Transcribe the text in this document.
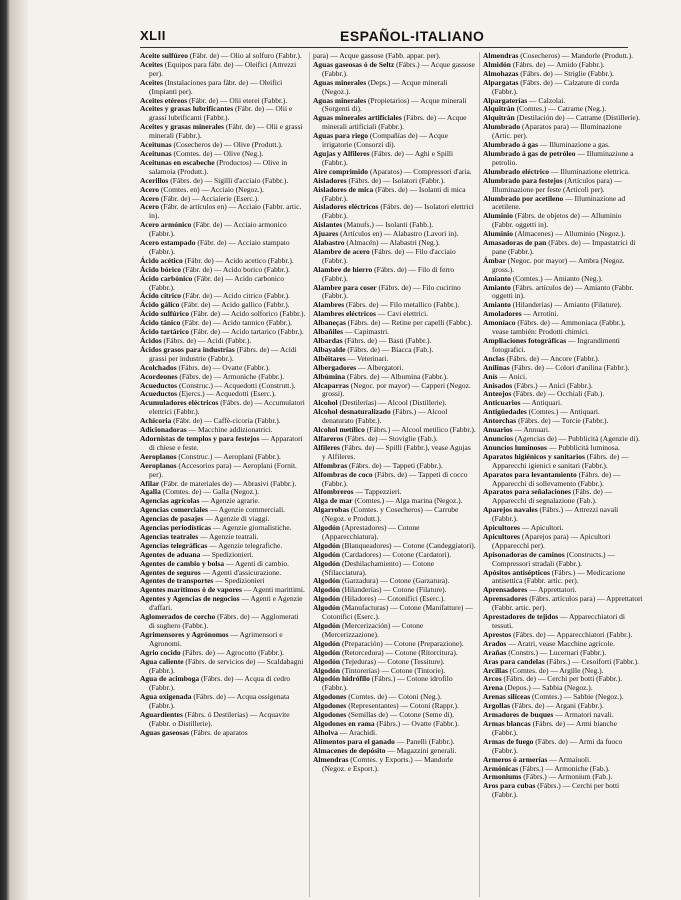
XLII	ESPAÑOL-ITALIANO

Aceite sulfúreo (Fábr. de) — Olio al solfuro (Fabbr.).

Aceites (Equipos para fábr. de) — Oleifici (Attrezzi per).

Aceites (Instalaciones para fábr. de) — Oleifici (Impianti per).

Aceites etéreos (Fábr. de) — Olii eterei (Fabbr.).

Aceites y grasas lubrificantes (Fábr. de) — Olii e grassi lubrificanti (Fabbr.).

Aceites y grasas minerales (Fábr. de) — Olii e grassi minerali (Fabbr.).

Aceitunas (Cosecheros de) — Olive (Produtt.).

Aceitunas (Comtes. de) — Olive (Neg.).

Aceitunas en escabeche (Productos) — Olive in salamoia (Produtt.).

Acerillos (Fábrs. de) — Sigilli d'acciaio (Fabbr.).

Acero (Comtes. en) — Acciaio (Negoz.).

Acero (Fábr. de) — Acciaierie (Eserc.).

Acero (Fábr. de artículos en) — Acciaio (Fabbr. artic. in).

Acero armónico (Fábr. de) — Acciaio armonico (Fabbr.).

Acero estampado (Fábr. de) — Acciaio stampato (Fabbr.).

Ácido acético (Fábr. de) — Acido acetico (Fabbr.).

Ácido bórico (Fábr. de) — Acido borico (Fabbr.).

Ácido carbónico (Fábr. de) — Acido carbonico (Fabbr.).

Ácido cítrico (Fábr. de) — Acido citrico (Fabbr.).

Ácido gálico (Fábr. de) — Acido gallico (Fabbr.).

Ácido sulfúrico (Fábr. de) — Acido solforico (Fabbr.).

Ácido tánico (Fábr. de) — Acido tannico (Fabbr.).

Ácido tartárico (Fábr. de) — Acido tartarico (Fabbr.).

Ácidos (Fábrs. de) — Acidi (Fabbr.).

Ácidos grasos para industrias (Fábrs. de) — Acidi grassi per industrie (Fabbr.).

Acolchados (Fábrs. de) — Ovatte (Fabbr.).

Acordeones (Fábrs. de) — Armoniche (Fabbr.).

Acueductos (Construc.) — Acquedotti (Construtt.).

Acueductos (Ejercs.) — Acquedotti (Eserc.).

Acumuladores eléctricos (Fábrs. de) — Accumulatori elettrici (Fabbr.).

Achicoria (Fábr. de) — Caffè-cicoria (Fabbr.).

Adicionadoras — Macchine addizionatrici.

Adornistas de templos y para festejos — Apparatori di chiese e feste.

Aeroplanos (Construc.) — Aeroplani (Fabbr.).

Aeroplanos (Accesorios para) — Aeroplani (Fornit. per).

Afilar (Fábr. de materiales de) — Abrasivi (Fabbr.).

Agalla (Comtes. de) — Galla (Negoz.).

Agencias agrícolas — Agenzie agrarie.

Agencias comerciales — Agenzie commerciali.

Agencias de pasajes — Agenzie di viaggi.

Agencias periodísticas — Agenzie giornalistiche.

Agencias teatrales — Agenzie teatrali.

Agencias telegráficas — Agenzie telegrafiche.

Agentes de aduana — Spedizionieri.

Agentes de cambio y bolsa — Agenti di cambio.

Agentes de seguros — Agenti d'assicurazione.

Agentes de transportes — Spedizionieri

Agentes marítimos ó de vapores — Agenti marittimi.

Agentes y Agencias de negocios — Agenti e Agenzie d'affari.

Aglomerados de corcho (Fábrs. de) — Agglomerati di sughero (Fabbr.).

Agrimensores y Agrónomos — Agrimensori e Agronomi.

Agrio cocido (Fábrs. de) — Agrocotto (Fabbr.).

Agua caliente (Fábrs. de servicios de) — Scaldabagni (Fabbr.).

Agua de acimboga (Fábrs. de) — Acqua di cedro (Fabbr.).

Agua oxigenada (Fábrs. de) — Acqua ossigenata (Fabbr.).

Aguardientes (Fábrs. ó Destilerías) — Acquavite (Fabbr. o Distillerie).

Aguas gaseosas (Fábrs. de aparatos

para) — Acque gassose (Fabb. appar. per).

Aguas gaseosas ó de Seltz (Fábrs.) — Acque gassose (Fabbr.).

Aguas minerales (Deps.) — Acque minerali (Negoz.).

Aguas minerales (Propietarios) — Acque minerali (Sorgenti di).

Aguas minerales artificiales (Fábrs. de) — Acque minerali artificiali (Fabbr.).

Aguas para riego (Compañías de) — Acque irrigatorie (Consorzi di).

Agujas y Alfileres (Fábrs. de) — Aghi e Spilli (Fabbr.).

Aire comprimido (Aparatos) — Compressori d'aria.

Aisladores (Fábrs. de) — Isolatori (Fabbr.).

Aisladores de mica (Fábrs. de) — Isolanti di mica (Fabbr.).

Aisladores eléctricos (Fábrs. de) — Isolatori elettrici (Fabbr.).

Aislantes (Manufs.) — Isolanti (Fabb.).

Ajuares (Artículos en) — Alabastro (Lavori in).

Alabastro (Almacén) — Alabastri (Neg.).

Alambre de acero (Fábrs. de) — Filo d'acciaio (Fabbr.).

Alambre de hierro (Fábrs. de) — Filo di ferro (Fabbr.).

Alambre para coser (Fábrs. de) — Filo cucirino (Fabbr.).

Alambres (Fábrs. de) — Filo metallico (Fabbr.).

Alambres eléctricos — Cavi elettrici.

Albaneças (Fábrs. de) — Retine per capelli (Fabbr.).

Albañiles — Capimastri.

Albardas (Fábrs. de) — Basti (Fabbr.).

Albayalde (Fábrs. de) — Biacca (Fab.).

Albéitares — Veterinari.

Albergadores — Albergatori.

Albúmina (Fábrs. de) — Albumina (Fabbr.).

Alcaparras (Negoc. por mayor) — Capperi (Negoz. grossi).

Alcohol (Destilerías) — Alcool (Distillerie).

Alcohol desnaturalizado (Fábrs.) — Alcool denaturato (Fabbr.).

Alcohol metílico (Fábrs.) — Alcool metilico (Fabbr.).

Alfareros (Fábrs. de) — Stoviglie (Fab.).

Alfileres (Fábrs. de) — Spilli (Fabbr.), vease Agujas y Alfileres.

Alfombras (Fábrs. de) — Tappeti (Fabbr.).

Alfombras de coco (Fábrs. de) — Tappeti di cocco (Fabbr.).

Alfombreros — Tappezzieri.

Alga de mar (Comtes.) — Alga marina (Negoz.).

Algarrobas (Comtes. y Cosecheros) — Carrube (Negoz. e Produtt.).

Algodón (Aprestadores) — Cotone (Apparecchiatura).

Algodón (Blanqueadores) — Cotone (Candeggiatori).

Algodón (Cardadores) — Cotone (Cardatori).

Algodón (Deshilachamiento) — Cotone (Sfilacciatura).

Algodón (Garzadura) — Cotone (Garzatura).

Algodón (Hilanderías) — Cotone (Filature).

Algodón (Hiladores) — Cotonifici (Eserc.).

Algodón (Manufacturas) — Cotone (Manifatture) — Cotonifici (Eserc.).

Algodón (Mercerización) — Cotone (Mercerizzazione).

Algodón (Preparación) — Cotone (Preparazione).

Algodón (Retorcedura) — Cotone (Ritorcitura).

Algodón (Tejeduras) — Cotone (Tessiture).

Algodón (Tintorerías) — Cotone (Tintorie).

Algodón hidrófilo (Fábrs.) — Cotone idrofilo (Fabbr.).

Algodones (Comtes. de) — Cotoni (Neg.).

Algodones (Representantes) — Cotoni (Rappr.).

Algodones (Semillas de) — Cotone (Seme di).

Algodones en rama (Fábrs.) — Ovatte (Fabbr.).

Alholva — Arachidi.

Alimentos para el ganado — Panelli (Fabbr.).

Almacenes de depósito — Magazzini generali.

Almendras (Comtes. y Exports.) — Mandorle (Negoz. e Esport.).

Almendras (Cosecheros) — Mandorle (Produtt.).

Almidón (Fábrs. de) — Amido (Fabbr.).

Almohazas (Fábrs. de) — Striglie (Fabbr.).

Alpargatas (Fábrs. de) — Calzature di corda (Fabbr.).

Alpargaterías — Calzolai.

Alquitrán (Comtes.) — Catrame (Neg.).

Alquitrán (Destilación de) — Catrame (Distillerie).

Alumbrado (Aparatos para) — Illuminazione (Artic. per).

Alumbrado á gas — Illuminazione a gas.

Alumbrado á gas de petróleo — Illuminazione a petrolio.

Alumbrado eléctrico — Illuminazione elettrica.

Alumbrado para festejos (Artículos para) — Illuminazione per feste (Articoli per).

Alumbrado por acetileno — Illuminazione ad acetilene.

Aluminio (Fábrs. de objetos de) — Alluminio (Fabbr. oggetti in).

Aluminio (Almacenes) — Alluminio (Negoz.).

Amasadoras de pan (Fábrs. de) — Impastatrici di pane (Fabbr.).

Ámbar (Negoc. por mayor) — Ambra (Negoz. gross.).

Amianto (Comtes.) — Amianto (Neg.).

Amianto (Fábrs. artículos de) — Amianto (Fabbr. oggetti in).

Amianto (Hilanderías) — Amianto (Filature).

Amoladores — Arrotini.

Amoníaco (Fábrs. de) — Ammoniaca (Fabbr.), vease también: Prodotti chimici.

Ampliaciones fotográficas — Ingrandimenti fotografici.

Anclas (Fábrs. de) — Ancore (Fabbr.).

Anilinas (Fábrs. de) — Colori d'anilina (Fabbr.).

Anís — Anici.

Anisados (Fábrs.) — Anici (Fabbr.).

Anteojos (Fábrs. de) — Occhiali (Fab.).

Anticuarios — Antiquari.

Antigüedades (Comtes.) — Antiquari.

Antorchas (Fábrs. de) — Torcie (Fabbr.).

Anuarios — Annuari.

Anuncios (Agencias de) — Pubblicità (Agenzie di).

Anuncios luminosos — Pubblicità luminosa.

Aparatos higiénicos y sanitarios (Fábrs. de) — Apparecchi igienici e sanitari (Fabbr.).

Aparatos para levantamiento (Fábrs. de) — Apparecchi di sollevamento (Fabbr.).

Aparatos para señalaciones (Fábs. de) — Apparecchi di segnalazione (Fab.).

Aparejos navales (Fábrs.) — Attrezzi navali (Fabbr.).

Apicultores — Apicultori.

Apicultores (Aparejos para) — Apicultori (Apparecchi per).

Apisonadoras de caminos (Constructs.) — Compressori stradali (Fabbr.).

Apósitos antisépticos (Fábrs.) — Medicazione antisettica (Fabbr. artic. per).

Aprensadores — Apprettatori.

Aprensadores (Fábrs. artículos para) — Apprettatori (Fabbr. artic. per).

Aprestadores de tejidos — Apparecchiatori di tessuti.

Aprestos (Fábrs. de) — Apparecchiatori (Fabbr.).

Arados — Aratri, vease Macchine agricole.

Arañas (Constrs.) — Lucernari (Fabbr.).

Aras para candelas (Fábrs.) — Cesoiforti (Fabbr.).

Arcillas (Comtes. de) — Argille (Neg.).

Arcos (Fábrs. de) — Cerchi per botti (Fabbr.).

Arena (Depos.) — Sabbia (Negoz.).

Arenas silíceas (Comtes.) — Sabbie (Negoz.).

Argollas (Fábrs. de) — Argani (Fabbr.).

Armadores de buques — Armatori navali.

Armas blancas (Fábrs. de) — Armi bianche (Fabbr.).

Armas de fuego (Fábrs. de) — Armi da fuoco (Fabbr.).

Armeros ó armerías — Armaiuoli.

Armónicas (Fábrs.) — Armoniche (Fab.).

Armoniums (Fábrs.) — Armonium (Fab.).

Aros para cubas (Fábrs.) — Cerchi per botti (Fabbr.).
